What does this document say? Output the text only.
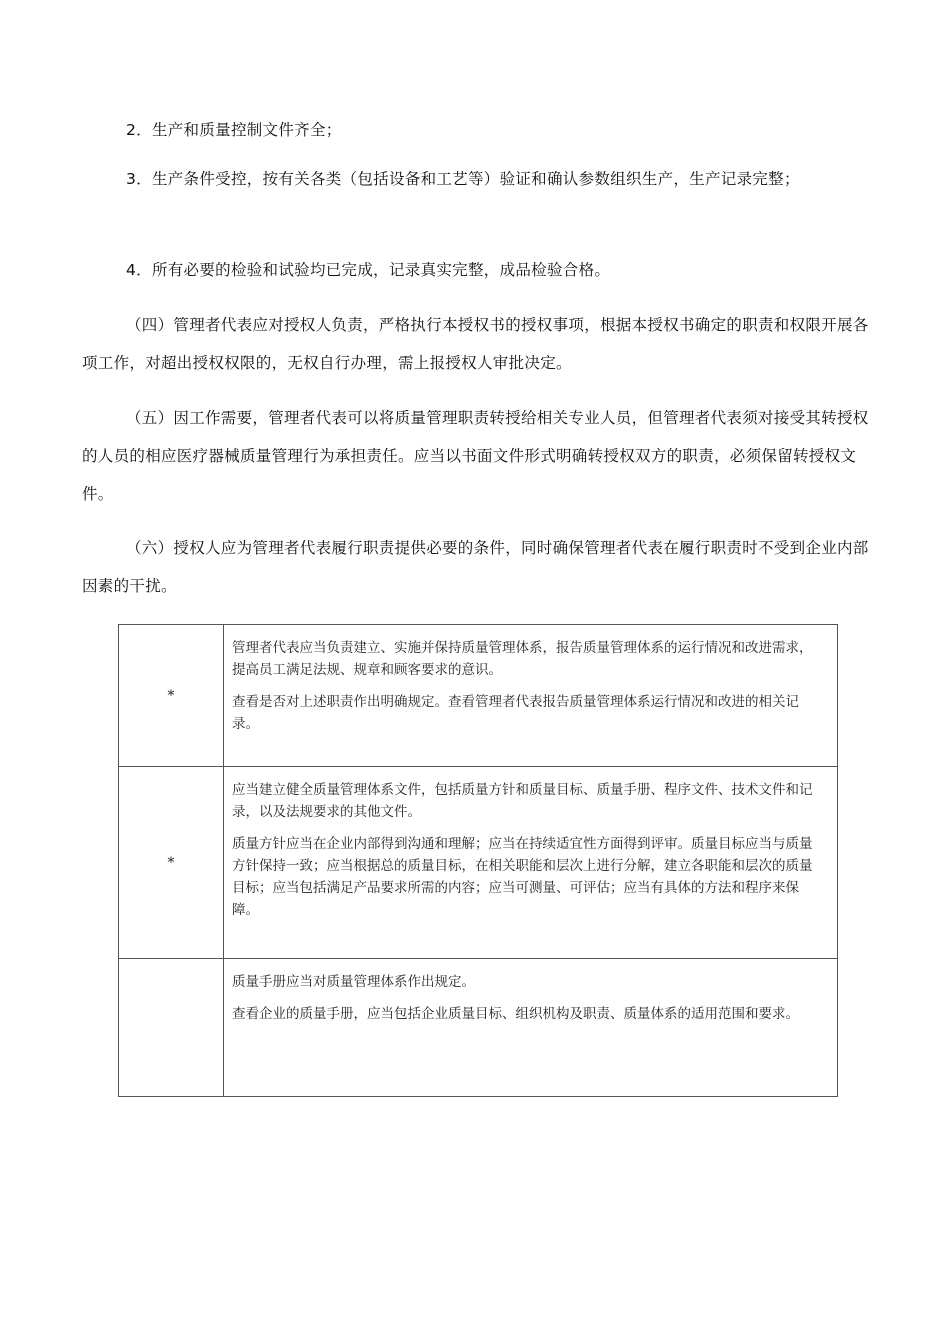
2．生产和质量控制文件齐全；

3．生产条件受控，按有关各类（包括设备和工艺等）验证和确认参数组织生产，生产记录完整；

4．所有必要的检验和试验均已完成，记录真实完整，成品检验合格。

（四）管理者代表应对授权人负责，严格执行本授权书的授权事项，根据本授权书确定的职责和权限开展各项工作，对超出授权权限的，无权自行办理，需上报授权人审批决定。

（五）因工作需要，管理者代表可以将质量管理职责转授给相关专业人员，但管理者代表须对接受其转授权的人员的相应医疗器械质量管理行为承担责任。应当以书面文件形式明确转授权双方的职责，必须保留转授权文件。

（六）授权人应为管理者代表履行职责提供必要的条件，同时确保管理者代表在履行职责时不受到企业内部因素的干扰。

*	管理者代表应当负责建立、实施并保持质量管理体系，报告质量管理体系的运行情况和改进需求，提高员工满足法规、规章和顾客要求的意识。

查看是否对上述职责作出明确规定。查看管理者代表报告质量管理体系运行情况和改进的相关记录。

*	应当建立健全质量管理体系文件，包括质量方针和质量目标、质量手册、程序文件、技术文件和记录，以及法规要求的其他文件。

质量方针应当在企业内部得到沟通和理解；应当在持续适宜性方面得到评审。质量目标应当与质量方针保持一致；应当根据总的质量目标，在相关职能和层次上进行分解，建立各职能和层次的质量目标；应当包括满足产品要求所需的内容；应当可测量、可评估；应当有具体的方法和程序来保障。

	质量手册应当对质量管理体系作出规定。

查看企业的质量手册，应当包括企业质量目标、组织机构及职责、质量体系的适用范围和要求。
